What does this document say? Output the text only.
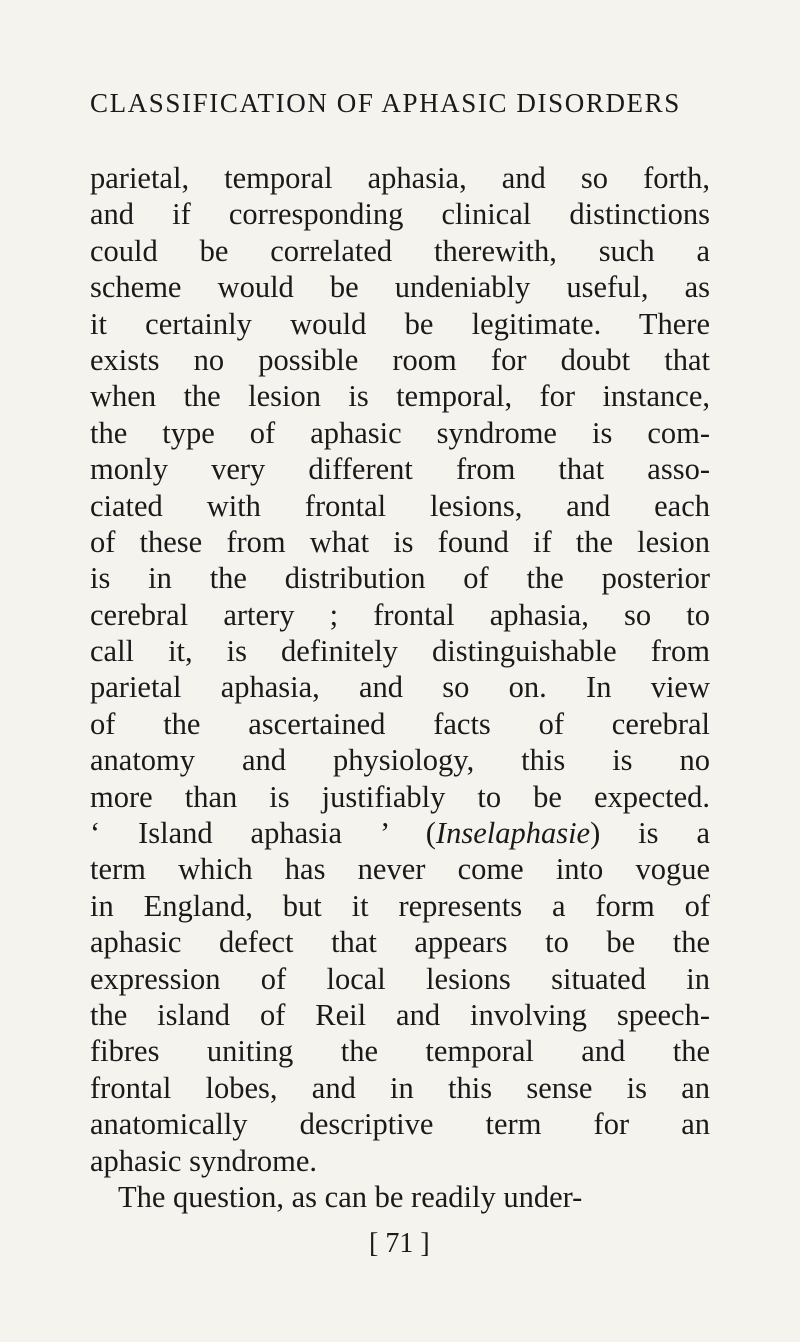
CLASSIFICATION OF APHASIC DISORDERS
parietal, temporal aphasia, and so forth,
and if corresponding clinical distinctions
could be correlated therewith, such a
scheme would be undeniably useful, as
it certainly would be legitimate. There
exists no possible room for doubt that
when the lesion is temporal, for instance,
the type of aphasic syndrome is com-
monly very different from that asso-
ciated with frontal lesions, and each
of these from what is found if the lesion
is in the distribution of the posterior
cerebral artery ; frontal aphasia, so to
call it, is definitely distinguishable from
parietal aphasia, and so on. In view
of the ascertained facts of cerebral
anatomy and physiology, this is no
more than is justifiably to be expected.
‘ Island aphasia ’ (Inselaphasie) is a
term which has never come into vogue
in England, but it represents a form of
aphasic defect that appears to be the
expression of local lesions situated in
the island of Reil and involving speech-
fibres uniting the temporal and the
frontal lobes, and in this sense is an
anatomically descriptive term for an
aphasic syndrome.
The question, as can be readily under-
[ 71 ]
